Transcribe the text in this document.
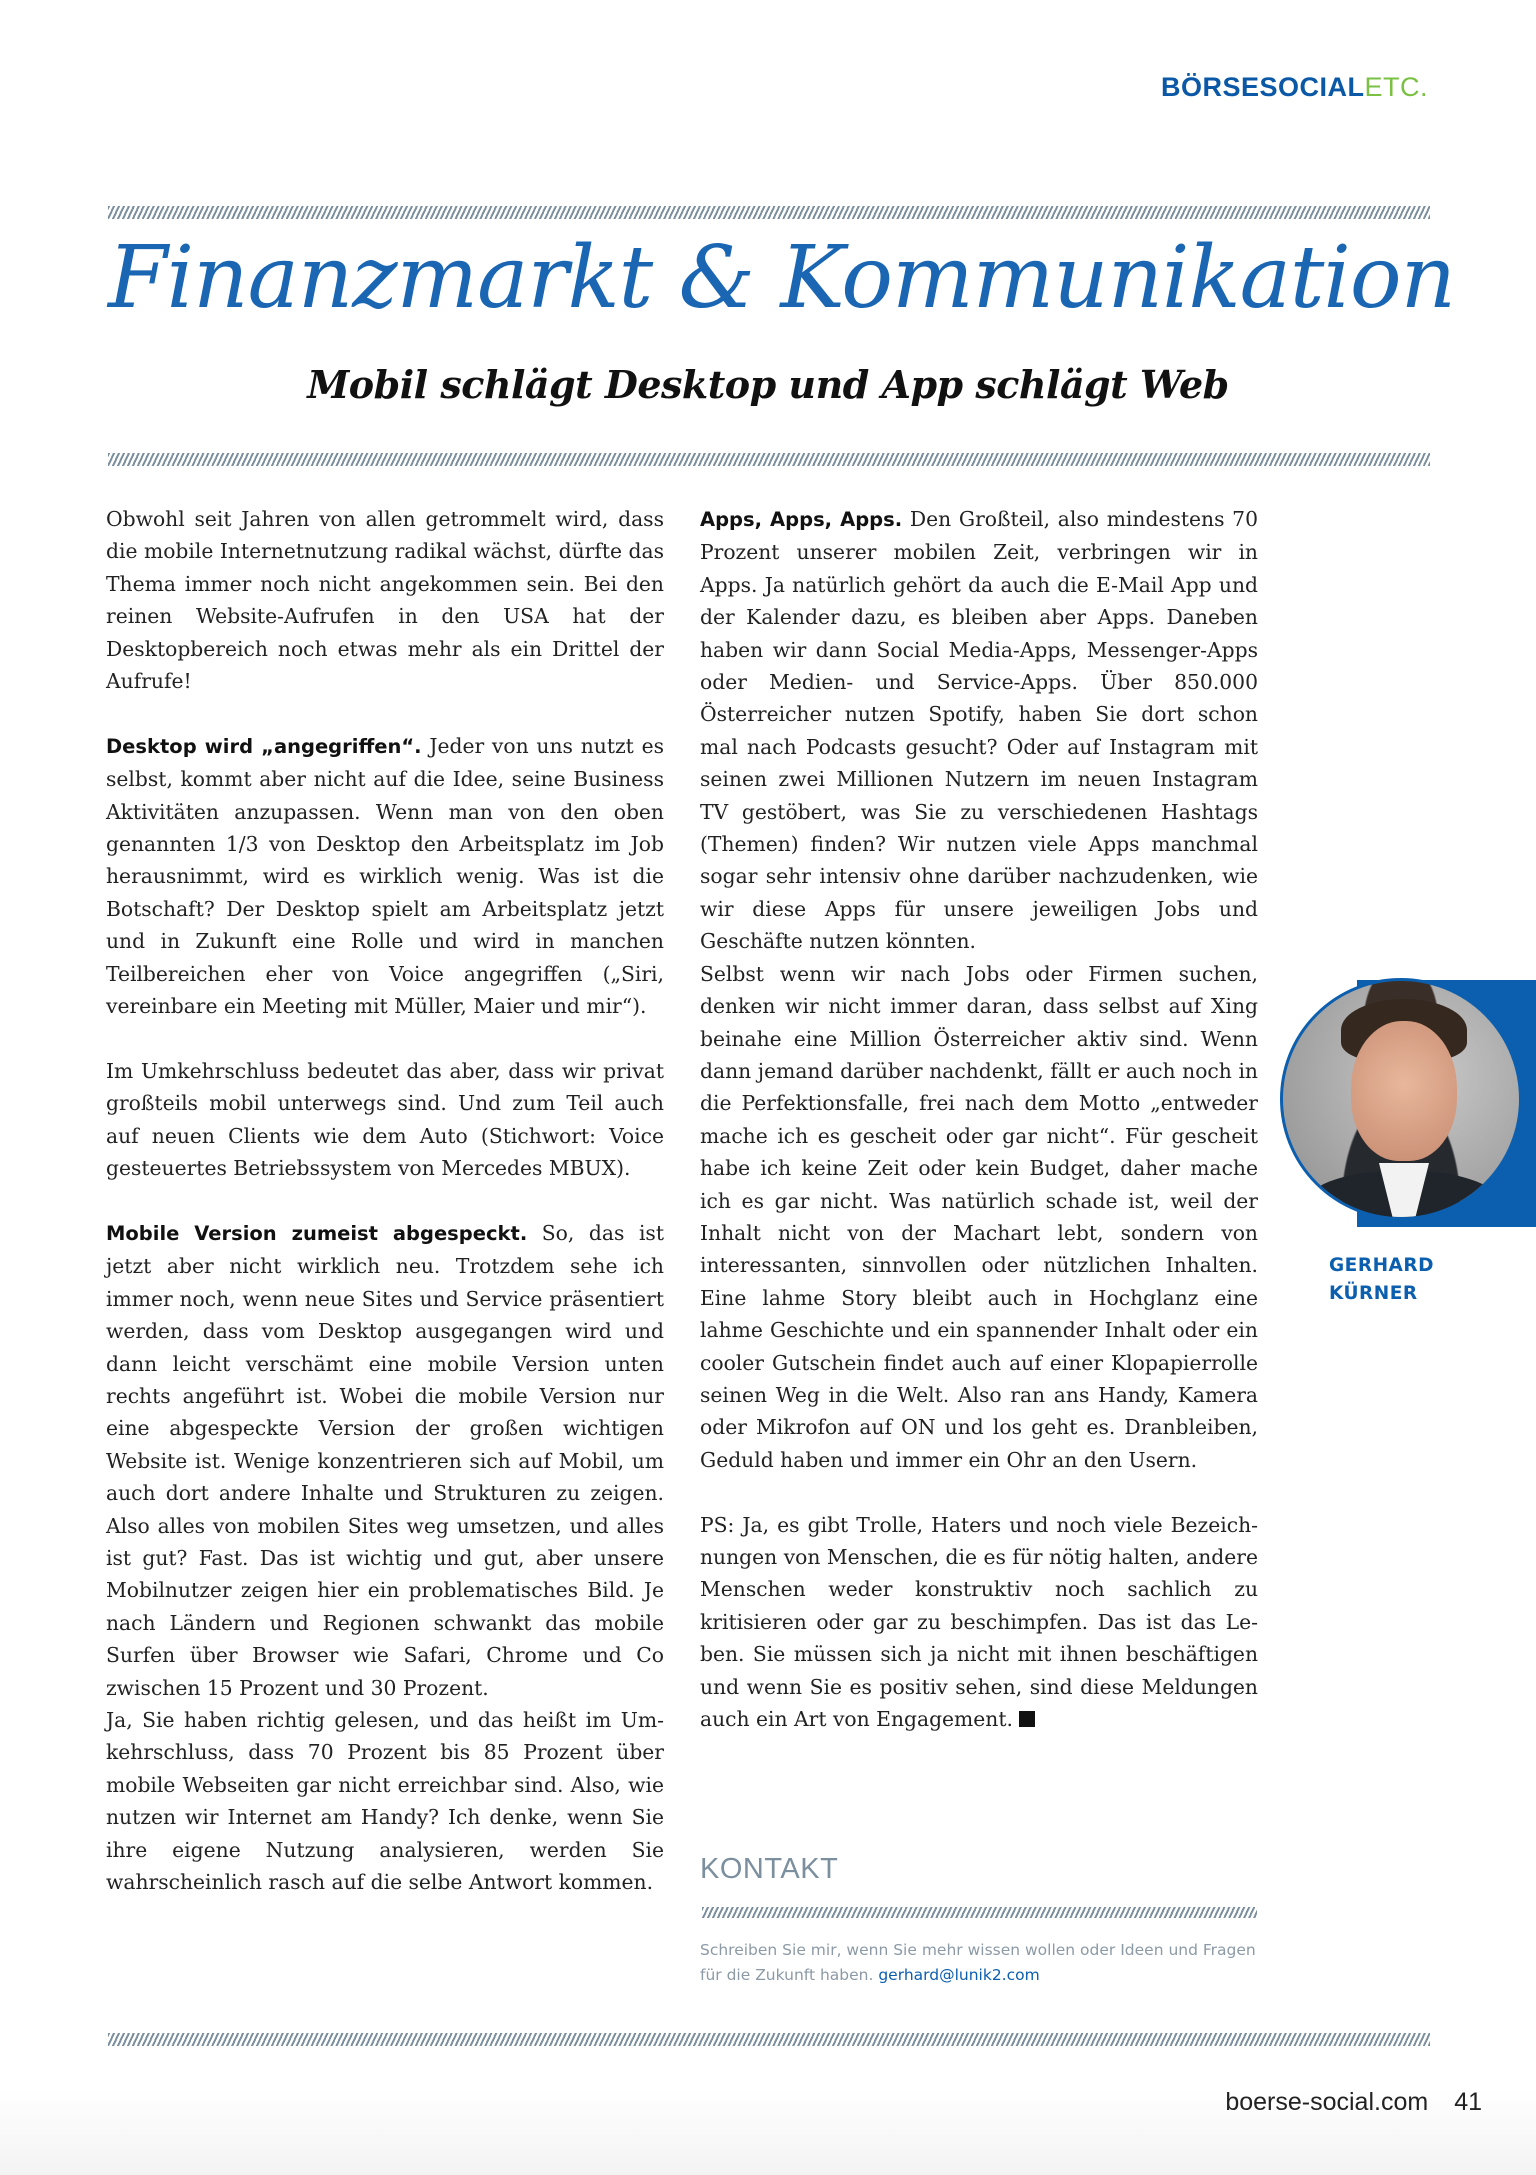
BÖRSESOCIALETC.
Finanzmarkt & Kommunikation
Mobil schlägt Desktop und App schlägt Web

Obwohl seit Jahren von allen getrommelt wird, dass die mobile Internetnutzung radikal wächst, dürfte das Thema immer noch nicht angekommen sein. Bei den reinen Website-Aufrufen in den USA hat der Desktopbereich noch etwas mehr als ein Drittel der Aufrufe!

Desktop wird „angegriffen“. Jeder von uns nutzt es selbst, kommt aber nicht auf die Idee, seine Business Aktivitäten anzupassen. Wenn man von den oben genannten 1/3 von Desktop den Arbeitsplatz im Job herausnimmt, wird es wirklich wenig. Was ist die Botschaft? Der Desktop spielt am Arbeitsplatz jetzt und in Zukunft eine Rolle und wird in manchen Teilbereichen eher von Voice angegriffen („Siri, vereinbare ein Meeting mit Müller, Maier und mir“).

Im Umkehrschluss bedeutet das aber, dass wir privat großteils mobil unterwegs sind. Und zum Teil auch auf neuen Clients wie dem Auto (Stichwort: Voice gesteuertes Betriebssystem von Mercedes MBUX).

Mobile Version zumeist abgespeckt. So, das ist jetzt aber nicht wirklich neu. Trotzdem sehe ich immer noch, wenn neue Sites und Service präsentiert werden, dass vom Desktop ausgegangen wird und dann leicht verschämt eine mobile Version unten rechts angeführt ist. Wobei die mobile Version nur eine abgespeckte Version der großen wichtigen Website ist. Wenige konzentrieren sich auf Mobil, um auch dort andere Inhalte und Strukturen zu zeigen. Also alles von mobilen Sites weg umsetzen, und alles ist gut? Fast. Das ist wichtig und gut, aber unsere Mobilnutzer zeigen hier ein problematisches Bild. Je nach Ländern und Regionen schwankt das mobile Surfen über Browser wie Safari, Chrome und Co zwischen 15 Prozent und 30 Prozent.

Ja, Sie haben richtig gelesen, und das heißt im Umkehrschluss, dass 70 Prozent bis 85 Prozent über mobile Webseiten gar nicht erreichbar sind. Also, wie nutzen wir Internet am Handy? Ich denke, wenn Sie ihre eigene Nutzung analysieren, werden Sie wahrscheinlich rasch auf die selbe Antwort kommen.

Apps, Apps, Apps. Den Großteil, also mindestens 70 Prozent unserer mobilen Zeit, verbringen wir in Apps. Ja natürlich gehört da auch die E-Mail App und der Kalender dazu, es bleiben aber Apps. Daneben haben wir dann Social Media-Apps, Messenger-Apps oder Medien- und Service-Apps. Über 850.000 Österreicher nutzen Spotify, haben Sie dort schon mal nach Podcasts gesucht? Oder auf Instagram mit seinen zwei Millionen Nutzern im neuen Instagram TV gestöbert, was Sie zu verschiedenen Hashtags (Themen) finden? Wir nutzen viele Apps manchmal sogar sehr intensiv ohne darüber nachzudenken, wie wir diese Apps für unsere jeweiligen Jobs und Geschäfte nutzen könnten.

Selbst wenn wir nach Jobs oder Firmen suchen, denken wir nicht immer daran, dass selbst auf Xing beinahe eine Million Österreicher aktiv sind. Wenn dann jemand darüber nachdenkt, fällt er auch noch in die Perfektionsfalle, frei nach dem Motto „entweder mache ich es gescheit oder gar nicht“. Für gescheit habe ich keine Zeit oder kein Budget, daher mache ich es gar nicht. Was natürlich schade ist, weil der Inhalt nicht von der Machart lebt, sondern von interessanten, sinnvollen oder nützlichen Inhalten. Eine lahme Story bleibt auch in Hochglanz eine lahme Geschichte und ein spannender Inhalt oder ein cooler Gutschein findet auch auf einer Klopapierrolle seinen Weg in die Welt. Also ran ans Handy, Kamera oder Mikrofon auf ON und los geht es. Dranbleiben, Geduld haben und immer ein Ohr an den Usern.

PS: Ja, es gibt Trolle, Haters und noch viele Bezeichnungen von Menschen, die es für nötig halten, andere Menschen weder konstruktiv noch sachlich zu kritisieren oder gar zu beschimpfen. Das ist das Leben. Sie müssen sich ja nicht mit ihnen beschäftigen und wenn Sie es positiv sehen, sind diese Meldungen auch ein Art von Engagement.

GERHARD
KÜRNER
KONTAKT
Schreiben Sie mir, wenn Sie mehr wissen wollen oder Ideen und Fragen für die Zukunft haben. gerhard@lunik2.com
boerse-social.com 41
